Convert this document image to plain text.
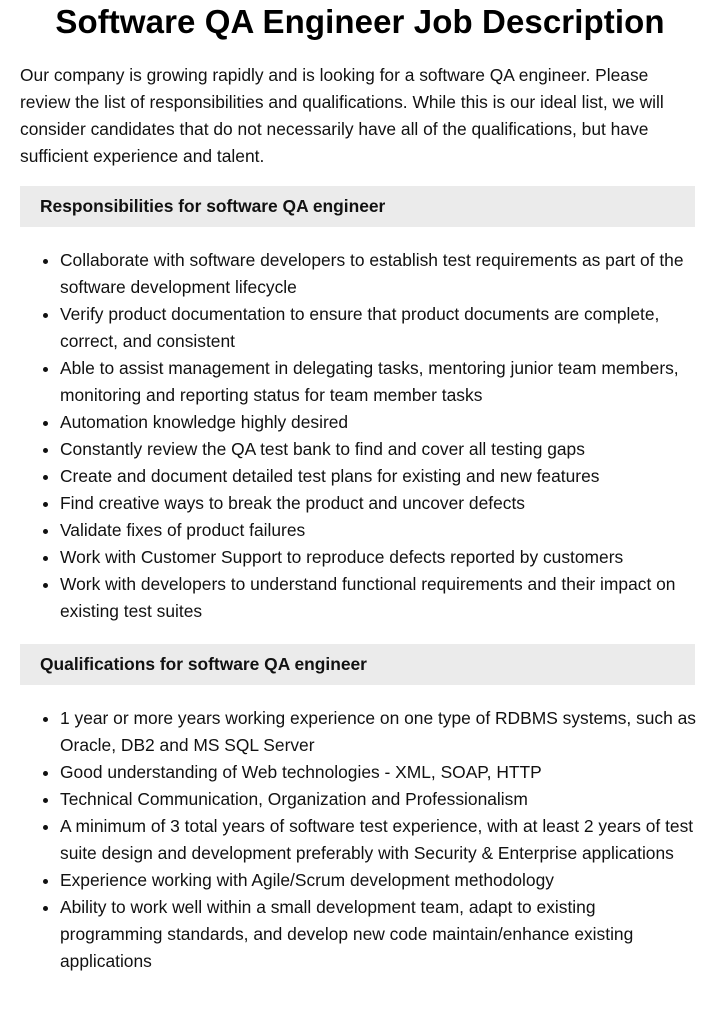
Software QA Engineer Job Description

Our company is growing rapidly and is looking for a software QA engineer. Please review the list of responsibilities and qualifications. While this is our ideal list, we will consider candidates that do not necessarily have all of the qualifications, but have sufficient experience and talent.

Responsibilities for software QA engineer
Collaborate with software developers to establish test requirements as part of the software development lifecycle
Verify product documentation to ensure that product documents are complete, correct, and consistent
Able to assist management in delegating tasks, mentoring junior team members, monitoring and reporting status for team member tasks
Automation knowledge highly desired
Constantly review the QA test bank to find and cover all testing gaps
Create and document detailed test plans for existing and new features
Find creative ways to break the product and uncover defects
Validate fixes of product failures
Work with Customer Support to reproduce defects reported by customers
Work with developers to understand functional requirements and their impact on existing test suites
Qualifications for software QA engineer
1 year or more years working experience on one type of RDBMS systems, such as Oracle, DB2 and MS SQL Server
Good understanding of Web technologies - XML, SOAP, HTTP
Technical Communication, Organization and Professionalism
A minimum of 3 total years of software test experience, with at least 2 years of test suite design and development preferably with Security & Enterprise applications
Experience working with Agile/Scrum development methodology
Ability to work well within a small development team, adapt to existing programming standards, and develop new code maintain/enhance existing applications
